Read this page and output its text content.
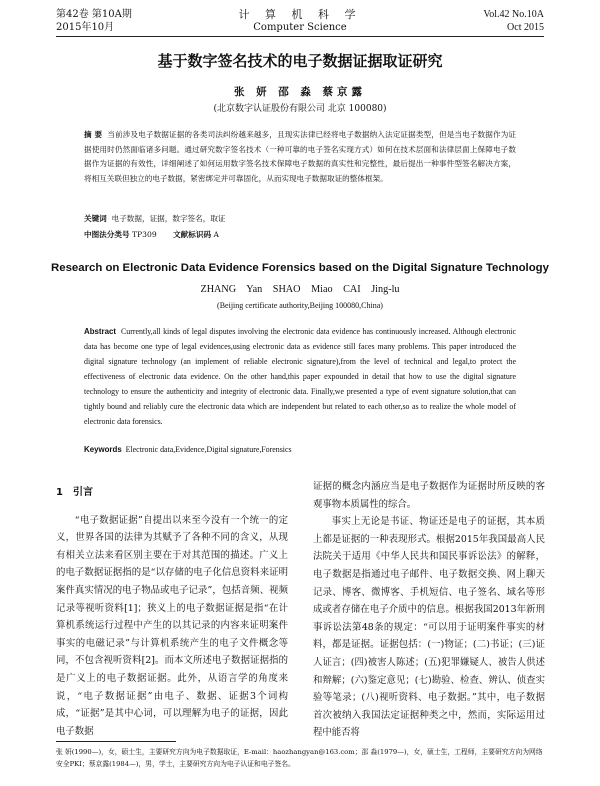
第42卷 第10A期
2015年10月
计 算 机 科 学
Computer Science
Vol.42 No.10A
Oct 2015
基于数字签名技术的电子数据证据取证研究
张 妍 邵 淼 蔡京露
(北京数字认证股份有限公司 北京 100080)
摘 要 当前涉及电子数据证据的各类司法纠纷越来越多，且现实法律已经将电子数据纳入法定证据类型，但是当电子数据作为证据使用时仍然面临诸多问题。通过研究数字签名技术（一种可靠的电子签名实现方式）如何在技术层面和法律层面上保障电子数据作为证据的有效性，详细阐述了如何运用数字签名技术保障电子数据的真实性和完整性，最后提出一种事件型签名解决方案，将相互关联但独立的电子数据，紧密绑定并可靠固化，从而实现电子数据取证的整体框架。
关键词 电子数据，证据，数字签名，取证
中图法分类号 TP309 文献标识码 A
Research on Electronic Data Evidence Forensics based on the Digital Signature Technology
ZHANG Yan SHAO Miao CAI Jing-lu
(Beijing certificate authority,Beijing 100080,China)
Abstract Currently,all kinds of legal disputes involving the electronic data evidence has continuously increased. Although electronic data has become one type of legal evidences,using electronic data as evidence still faces many problems. This paper introduced the digital signature technology (an implement of reliable electronic signature),from the level of technical and legal,to protect the effectiveness of electronic data evidence. On the other hand,this paper expounded in detail that how to use the digital signature technology to ensure the authenticity and integrity of electronic data. Finally,we presented a type of event signature solution,that can tightly bound and reliably cure the electronic data which are independent but related to each other,so as to realize the whole model of electronic data forensics.
Keywords Electronic data,Evidence,Digital signature,Forensics
1 引言

“电子数据证据”自提出以来至今没有一个统一的定义，世界各国的法律为其赋予了各种不同的含义，从现有相关立法来看区别主要在于对其范围的描述。广义上的电子数据证据指的是“以存储的电子化信息资料来证明案件真实情况的电子物品或电子记录”，包括音频、视频记录等视听资料[1]；狭义上的电子数据证据是指“在计算机系统运行过程中产生的以其记录的内容来证明案件事实的电磁记录”与计算机系统产生的电子文件概念等同，不包含视听资料[2]。而本文所述电子数据证据指的是广义上的电子数据证据。此外，从语言学的角度来说，“电子数据证据”由电子、数据、证据3个词构成，“证据”是其中心词，可以理解为电子的证据，因此电子数据

证据的概念内涵应当是电子数据作为证据时所反映的客观事物本质属性的综合。

事实上无论是书证、物证还是电子的证据，其本质上都是证据的一种表现形式。根据2015年我国最高人民法院关于适用《中华人民共和国民事诉讼法》的解释，电子数据是指通过电子邮件、电子数据交换、网上聊天记录、博客、微博客、手机短信、电子签名、域名等形成或者存储在电子介质中的信息。根据我国2013年新刑事诉讼法第48条的规定：“可以用于证明案件事实的材料，都是证据。证据包括：(一)物证；(二)书证；(三)证人证言；(四)被害人陈述；(五)犯罪嫌疑人、被告人供述和辩解；(六)鉴定意见；(七)勘验、检查、辨认、侦查实验等笔录；(八)视听资料、电子数据。”其中，电子数据首次被纳入我国法定证据种类之中，然而，实际运用过程中能否将

张 妍(1990—)，女，硕士生，主要研究方向为电子数据取证，E-mail：haozhangyan@163.com；邵 淼(1979—)，女，硕士生，工程师，主要研究方向为网络安全PKI；蔡京露(1984—)，男，学士，主要研究方向为电子认证和电子签名。
